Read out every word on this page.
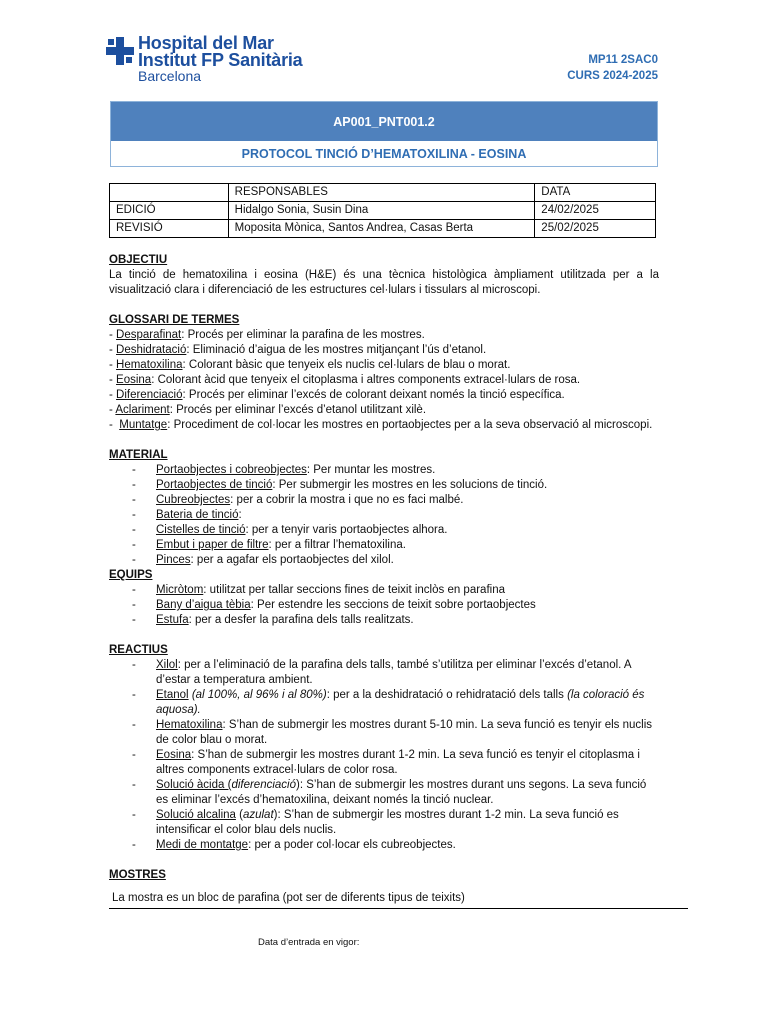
Hospital del Mar
Institut FP Sanitària
Barcelona
MP11 2SAC0
CURS 2024-2025
AP001_PNT001.2
PROTOCOL TINCIÓ D’HEMATOXILINA - EOSINA
	RESPONSABLES	DATA
EDICIÓ	Hidalgo Sonia, Susin Dina	24/02/2025
REVISIÓ	Moposita Mònica, Santos Andrea, Casas Berta	25/02/2025
OBJECTIU
La tinció de hematoxilina i eosina (H&E) és una tècnica histològica àmpliament utilitzada per a la visualització clara i diferenciació de les estructures cel·lulars i tissulars al microscopi.
GLOSSARI DE TERMES
- Desparafinat: Procés per eliminar la parafina de les mostres.
- Deshidratació: Eliminació d’aigua de les mostres mitjançant l’ús d’etanol.
- Hematoxilina: Colorant bàsic que tenyeix els nuclis cel·lulars de blau o morat.
- Eosina: Colorant àcid que tenyeix el citoplasma i altres components extracel·lulars de rosa.
- Diferenciació: Procés per eliminar l’excés de colorant deixant només la tinció específica.
- Aclariment: Procés per eliminar l’excés d’etanol utilitzant xilè.
-  Muntatge: Procediment de col·locar les mostres en portaobjectes per a la seva observació al microscopi.
MATERIAL
- Portaobjectes i cobreobjectes: Per muntar les mostres.
- Portaobjectes de tinció: Per submergir les mostres en les solucions de tinció.
- Cubreobjectes: per a cobrir la mostra i que no es faci malbé.
- Bateria de tinció:
- Cistelles de tinció: per a tenyir varis portaobjectes alhora.
- Embut i paper de filtre: per a filtrar l’hematoxilina.
- Pinces: per a agafar els portaobjectes del xilol.
EQUIPS
- Micròtom: utilitzat per tallar seccions fines de teixit inclòs en parafina
- Bany d’aigua tèbia: Per estendre les seccions de teixit sobre portaobjectes
- Estufa: per a desfer la parafina dels talls realitzats.
REACTIUS
- Xilol: per a l’eliminació de la parafina dels talls, també s’utilitza per eliminar l’excés d’etanol. A d’estar a temperatura ambient.
- Etanol (al 100%, al 96% i al 80%): per a la deshidratació o rehidratació dels talls (la coloració és aquosa).
- Hematoxilina: S’han de submergir les mostres durant 5-10 min. La seva funció es tenyir els nuclis de color blau o morat.
- Eosina: S’han de submergir les mostres durant 1-2 min. La seva funció es tenyir el citoplasma i altres components extracel·lulars de color rosa.
- Solució àcida (diferenciació): S’han de submergir les mostres durant uns segons. La seva funció es eliminar l’excés d’hematoxilina, deixant només la tinció nuclear.
- Solució alcalina (azulat): S’han de submergir les mostres durant 1-2 min. La seva funció es intensificar el color blau dels nuclis.
- Medi de montatge: per a poder col·locar els cubreobjectes.
MOSTRES
La mostra es un bloc de parafina (pot ser de diferents tipus de teixits)
Data d’entrada en vigor:
